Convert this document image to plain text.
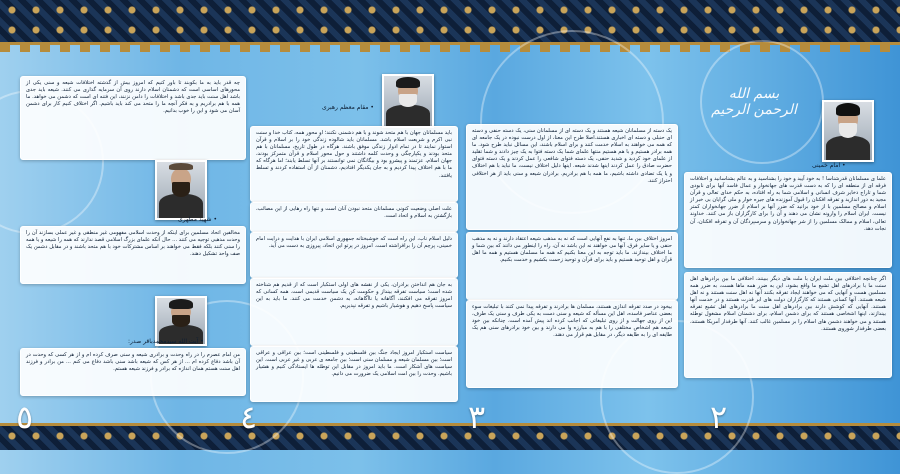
بسم الله الرحمن الرحیم
• امام خمینی
علما ی مسلمانان قدرشناسا ! به خود آیید و خود را بشناسید و به عالم بشناسانید و اختلافات فرقه ای از منطقه ای را که به دست قدرت های جهانخوار و عمال فاسد آنها برای نابودی شما و تاراج ذخایر شرف انسانی و اسلامی شما به راه افتاده، به حکم خدای تعالی و قرآن مجید به دور اندازید و تفرقه افکنان را قبول آموزنده های جیره خوار و ملی گرایان بی خبر از اسلام و مصالح مسلمین با از خود برانید که ضرر آنها بر اسلام از ضرر جهانخواران کمتر نیست. ایران اسلام را وارونه نشان می دهند و آن را برای کارگزاران باز می کنند. خداوند تعالی، اسلام و ممالک مسلمین را از شر جهانخواران و سرسپردگان آن و تفرقه افکنان، آن نجات دهد.
اگر چنانچه اختلافی بین ملت ایران با ملت های دیگر ببینند، اختلافی ما بین برادرهای اهل سنت ما با برادرهای اهل تشیع ما واقع بشود، این به ضرر همه ماها هست، به ضرر همه مسلمین هست و آنهایی که می خواهند ایجاد تفرقه بکنند آنها نه اهل سنت هستند و نه اهل شیعه هستند. آنها کسانی هستند که کارگزاران دولت های ابر قدرت هستند و در خدمت آنها هستند. آنهایی که کوشش دارند بین برادرهای اهل سنت ما برادرهای اهل تشیع تفرقه بیندازند، اینها اشخاصی هستند که برای دشمن اسلام، برای دشمنان اسلام مشغول توطئه هستند و می خواهند دشمن های اسلام را بر مسلمین غالب کنند. آنها طرفدار آمریکا هستند، بعضی طرفدار شوروی هستند.
٢
یک دسته از مسلمانان شیعه هستند و یک دسته ای از مسلمانان سنی، یک دسته حنفی و دسته ای حنبلی و دسته ای اخباری هستند.اصلا طرح این معنا، از اول درست نبوده در یک جامعه ای که همه می خواهند به اسلام خدمت کنند و برای اسلام باشند، این مسائل نباید طرح شود. ما همه برادر هستیم و با هم هستیم منتها علمای شما یک دسته فتوا به یک چیز دادند و شما تقلید از علمای خود کردید و شدید حنفی، یک دسته فتوای شافعی را عمل کردند و یک دسته فتوای حضرت صادق را عمل کردند اینها شدند شیعه. اینها دلیل اختلاف نیست، ما نباید با هم اختلاف و یا یک تضادی داشته باشیم، ما همه با هم برادریم. برادران شیعه و سنی باید از هر اختلافی احتراز کنند.
امروز اختلاف بین ما، تنها به نفع آنهایی است که نه به مذهب شیعه اعتقاد دارند و نه به مذهب حنفی و یا سایر فرق. آنها می خواهند نه این باشد نه آن، راه را اینطور می دانند که بین شما و ما اختلاف بیندازند. ما باید توجه به این معنا بکنیم که همه ما مسلمان هستیم و همه ما اهل قرآن و اهل توحید هستیم و باید برای قرآن و توحید زحمت بکشیم و خدمت بکنیم.
بیخود در صدد تفرقه اندازی هستند، مسلمان ها برادرند و تفرقه پیدا نمی کنند با تبلیغات سوء بعضی عناصر فاسده، اهل این مسأله که شیعه و سنی دست به یکی طرف و سنی یک طرف، این از روی جهالت و از روی تبلیغاتی که اجانب کرده اند پیش آمده است. چنانکه بین خود شیعه هم اشخاص مختلفی را با هم به مبارزه وا می دارند و بین خود برادرهای سنی هم یک طایفه ای را به طایفه دیگر، در مقابل هم قرار می دهند.
٣
• مقام معظم رهبری
باید مسلمانان جهان با هم متحد شوند و با هم دشمنی نکنند؛ او محور همه، کتاب خدا و سنت نبی اکرم و شریعت اسلام باشد. مسلمانان باید شالوده زندگی خود را بر اسلام و قرآن استوار نمایند تا در تمام ادوار زندگی موفق باشند. هرگاه در طول تاریخ، مسلمانان با هم متحد بودند و یکپارچگی و وحدت کلمه داشتند و حول محور اسلام و قرآن متمرکز بودند، جهان اسلام، عزتمند و پیشرو بود و بیگانگان نمی توانستند بر آنها تسلط یابند؛ اما هرگاه که ما با هم اختلاف پیدا کردیم و به جان یکدیگر افتادیم، دشمنان از آن استفاده کردند و تسلط یافتند.
علت اصلی وضعیت کنونی مسلمانان متحد نبودن آنان است و تنها راه رهایی از این مصائب، بازگشتن به اسلام و اتحاد است.
دلیل اسلام ناب، این راه است که خوشبختانه جمهوری اسلامی ایران با هدایت و درایت امام خمینی، پرچم آن را برافراشته است. امروز در پرتو این اتحاد، پیروزی به دست می آید.
به جان هم انداختن برادران، یکی از نقشه های اولی استکبار است که از قدیم هم شناخته شده است؛ سیاست تفرقه بینداز و حکومت کن یک سیاست قدیمی است. همه کسانی که امروز تفرقه می افکنند، آگاهانه یا ناآگاهانه، به دشمن خدمت می کنند. ما باید به این سیاست پاسخ دهیم و هوشیار باشیم و تفرقه نپذیریم.
سیاست استکبار امروز ایجاد جنگ بین فلسطینی و فلسطینی است؛ بین عراقی و عراقی است؛ بین مسلمان شیعه و مسلمان سنی است؛ بین جامعه ی عربی و غیر عربی است. این سیاست های آشکار است. ما باید امروز در مقابل این توطئه ها ایستادگی کنیم و هشیار باشیم. وحدت را بین امت اسلامی یک ضرورت می دانیم.
٤
چه قدر باید به ما بکوبند تا باور کنیم که امروز بیش از گذشته اختلافات شیعه و سنی یکی از محورهای اساسی است که دشمنان اسلام دارند روی آن سرمایه گذاری می کنند. شیعه باید جدی باشد اهل سنت باید جدی باشد و اختلافات را دامن نزنند، این فتنه ای است که دشمن می خواهد. ما همه با هم برادریم و به فکر آنچه ما را متحد می کند باید باشیم. اگر اختلاف کنیم کار برای دشمن آسان می شود و این را خوب بدانیم.
• شهید مطهری
مخالفین اتحاد مسلمین برای اینکه از وحدت اسلامی مفهومی غیر منطقی و غیر عملی بسازند آن را وحدت مذهبی توجیه می کنند ... حال آنکه علمای بزرگ اسلامی قصد ندارند که همه را شیعه و یا همه را سنی کنند بلکه فقط می خواهند بر اساس مشترکات خود با هم متحد باشند و در مقابل دشمن یک صف واحد تشکیل دهند.
• آیت الله سیدمحمدباقر صدر:
من امام عصرم را در راه وحدت و برادری شیعه و سنی صرف کرده ام و از هر کسی که وحدت در آن باشد دفاع کرده ام ... از هر کس که شیعه باشد سنی باشد دفاع می کنم ... من برادر و فرزند اهل سنت هستم همان اندازه که برادر و فرزند شیعه هستم.
٥
